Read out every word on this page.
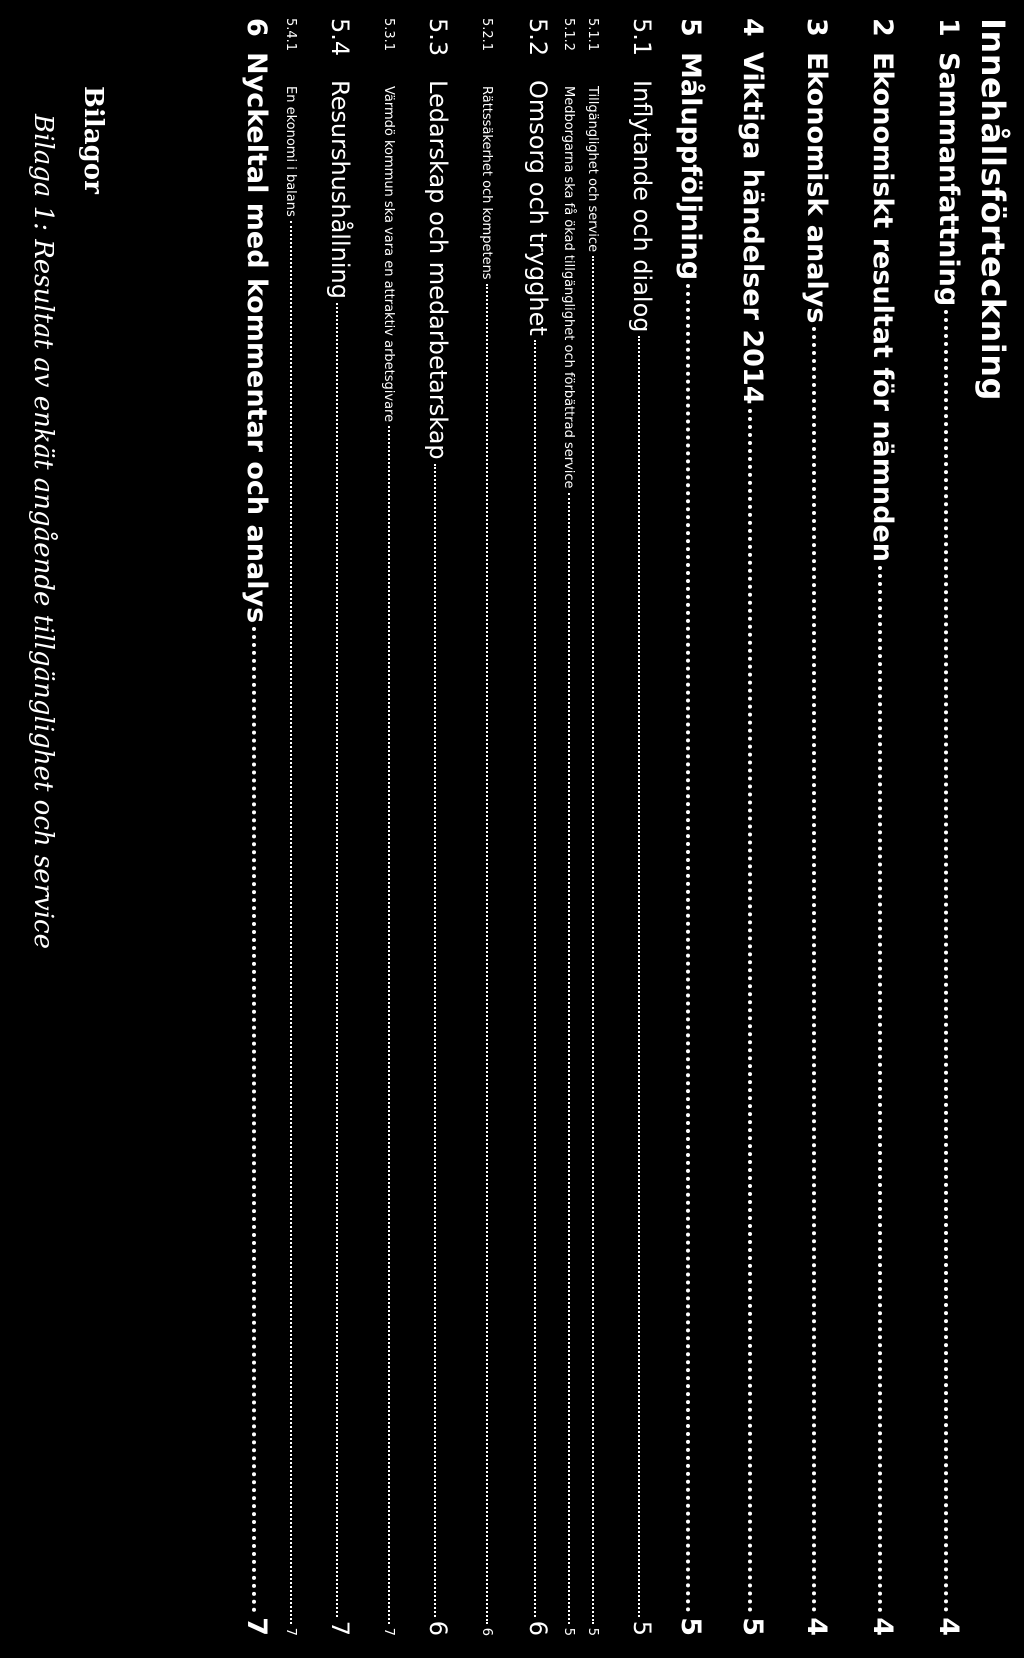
Innehållsförteckning
1
Sammanfattning
4
2
Ekonomiskt resultat för nämnden
4
3
Ekonomisk analys
4
4
Viktiga händelser 2014
5
5
Måluppföljning
5
5.1
Inflytande och dialog
5
5.1.1
Tillgänglighet och service
5
5.1.2
Medborgarna ska få ökad tillgänglighet och förbättrad service
5
5.2
Omsorg och trygghet
6
5.2.1
Rättssäkerhet och kompetens
6
5.3
Ledarskap och medarbetarskap
6
5.3.1
Värmdö kommun ska vara en attraktiv arbetsgivare
7
5.4
Resurshushållning
7
5.4.1
En ekonomi i balans
7
6
Nyckeltal med kommentar och analys
7
Bilagor
Bilaga 1: Resultat av enkät angående tillgänglighet och service
